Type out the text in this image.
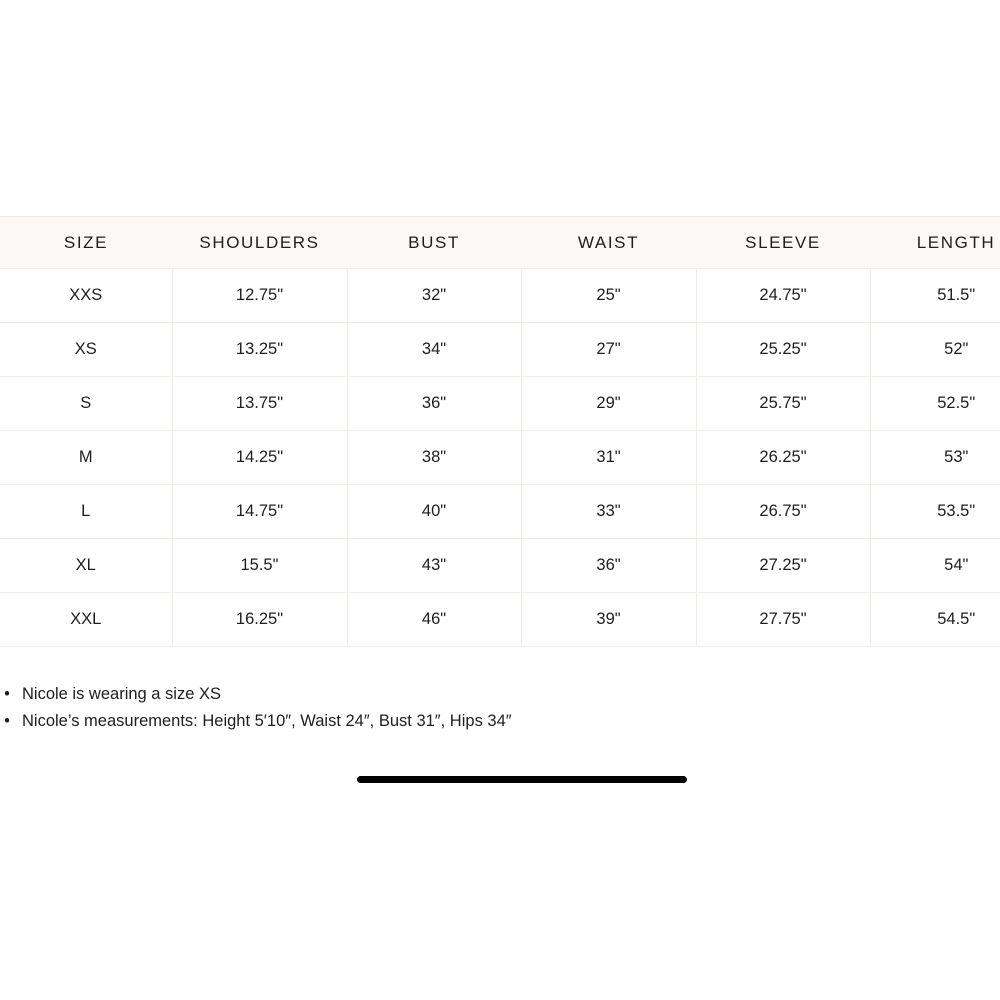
SIZE	SHOULDERS	BUST	WAIST	SLEEVE	LENGTH
XXS	12.75"	32"	25"	24.75"	51.5"
XS	13.25"	34"	27"	25.25"	52"
S	13.75"	36"	29"	25.75"	52.5"
M	14.25"	38"	31"	26.25"	53"
L	14.75"	40"	33"	26.75"	53.5"
XL	15.5"	43"	36"	27.25"	54"
XXL	16.25"	46"	39"	27.75"	54.5"
• Nicole is wearing a size XS
• Nicole’s measurements: Height 5′10″, Waist 24″, Bust 31″, Hips 34″
